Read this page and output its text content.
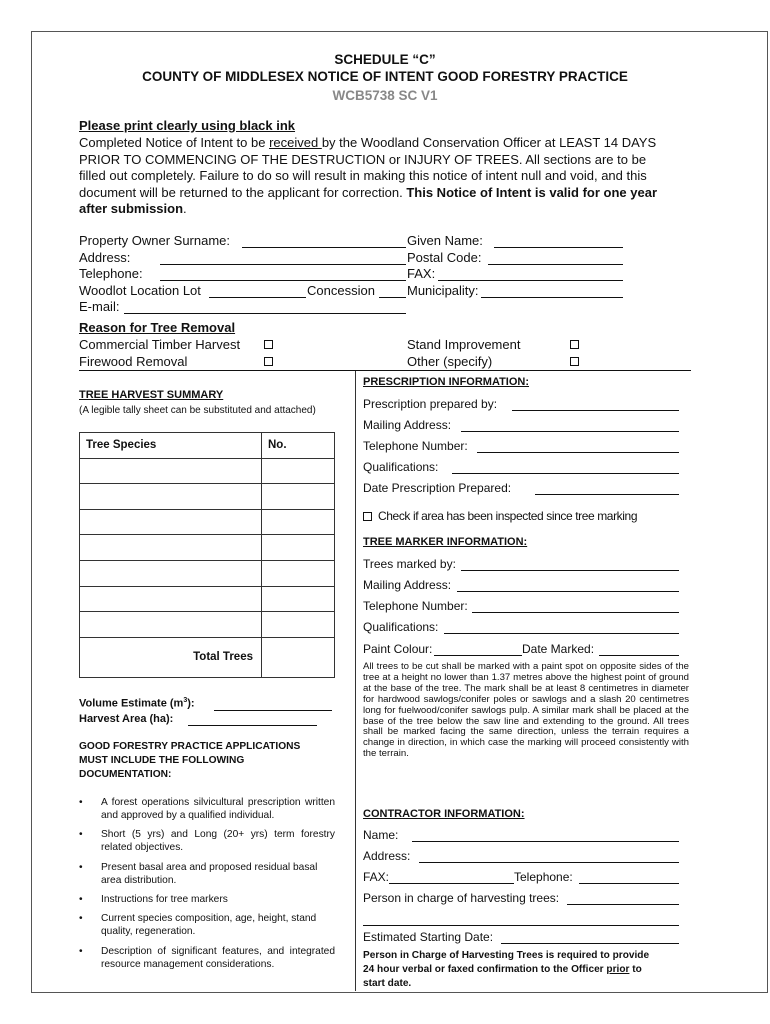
SCHEDULE “C”
COUNTY OF MIDDLESEX NOTICE OF INTENT GOOD FORESTRY PRACTICE
WCB5738 SC V1
Please print clearly using black ink
Completed Notice of Intent to be received by the Woodland Conservation Officer at LEAST 14 DAYS
PRIOR TO COMMENCING OF THE DESTRUCTION or INJURY OF TREES. All sections are to be
filled out completely. Failure to do so will result in making this notice of intent null and void, and this
document will be returned to the applicant for correction. This Notice of Intent is valid for one year
after submission.
Property Owner Surname:	Given Name:
Address:	Postal Code:
Telephone:	FAX:
Woodlot Location Lot	Concession Municipality:
E-mail:
Reason for Tree Removal
Commercial Timber Harvest
Firewood Removal
Stand Improvement
Other (specify)
TREE HARVEST SUMMARY
(A legible tally sheet can be substituted and attached)
Tree Species	No.

Total Trees	
Volume Estimate $(m^3)$:
Harvest Area (ha):
GOOD FORESTRY PRACTICE APPLICATIONS
MUST INCLUDE THE FOLLOWING
DOCUMENTATION:
• A forest operations silvicultural prescription written and approved by a qualified individual.
• Short (5 yrs) and Long (20+ yrs) term forestry related objectives.
• Present basal area and proposed residual basal area distribution.
• Instructions for tree markers
• Current species composition, age, height, stand quality, regeneration.
• Description of significant features, and integrated resource management considerations.
PRESCRIPTION INFORMATION:
Prescription prepared by:
Mailing Address:
Telephone Number:
Qualifications:
Date Prescription Prepared:
Check if area has been inspected since tree marking
TREE MARKER INFORMATION:
Trees marked by:
Mailing Address:
Telephone Number:
Qualifications:
Paint Colour:	Date Marked:
All trees to be cut shall be marked with a paint spot on opposite sides of the tree at a height no lower than 1.37 metres above the highest point of ground at the base of the tree. The mark shall be at least 8 centimetres in diameter for hardwood sawlogs/conifer poles or sawlogs and a slash 20 centimetres long for fuelwood/conifer sawlogs pulp. A similar mark shall be placed at the base of the tree below the saw line and extending to the ground. All trees shall be marked facing the same direction, unless the terrain requires a change in direction, in which case the marking will proceed consistently with the terrain.
CONTRACTOR INFORMATION:
Name:
Address:
FAX:	Telephone:
Person in charge of harvesting trees:
Estimated Starting Date:
Person in Charge of Harvesting Trees is required to provide
24 hour verbal or faxed confirmation to the Officer prior to
start date.
